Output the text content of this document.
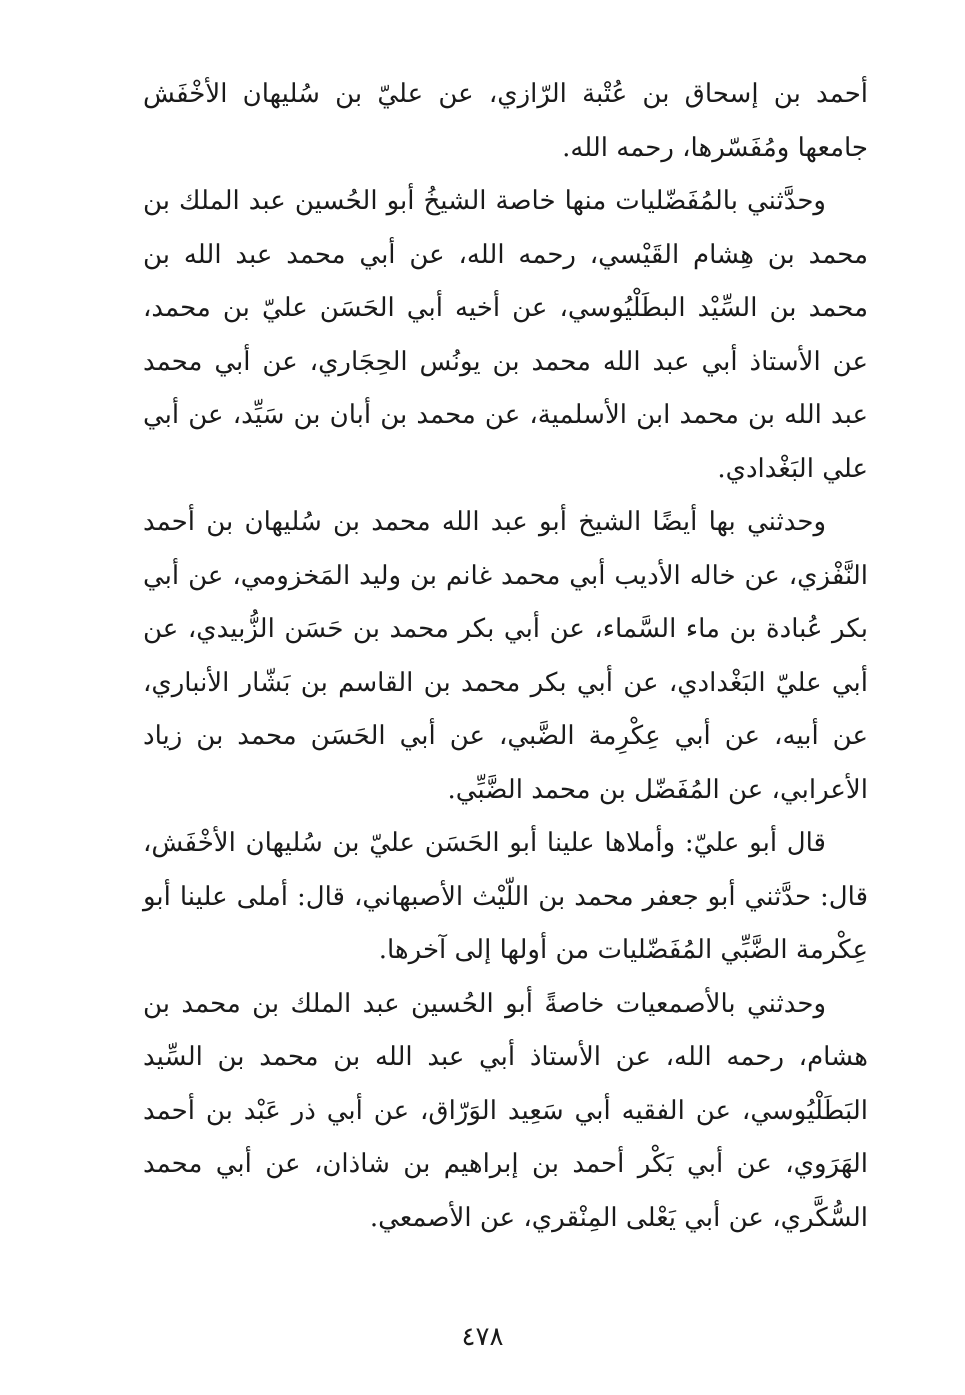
أحمد بن إسحاق بن عُتْبة الرّازي، عن عليّ بن سُليهان الأخْفَش جامعها ومُفَسّرها، رحمه الله.

وحدَّثني بالمُفَضّليات منها خاصة الشيخُ أبو الحُسين عبد الملك بن محمد بن هِشام القَيْسي، رحمه الله، عن أبي محمد عبد الله بن محمد بن السِّيْد البطَلْيُوسي، عن أخيه أبي الحَسَن عليّ بن محمد، عن الأستاذ أبي عبد الله محمد بن يونُس الحِجَاري، عن أبي محمد عبد الله بن محمد ابن الأسلمية، عن محمد بن أبان بن سَيِّد، عن أبي علي البَغْدادي.

وحدثني بها أيضًا الشيخ أبو عبد الله محمد بن سُليهان بن أحمد النَّفْزي، عن خاله الأديب أبي محمد غانم بن وليد المَخزومي، عن أبي بكر عُبادة بن ماء السَّماء، عن أبي بكر محمد بن حَسَن الزُّبيدي، عن أبي عليّ البَغْدادي، عن أبي بكر محمد بن القاسم بن بَشّار الأنباري، عن أبيه، عن أبي عِكْرِمة الضَّبي، عن أبي الحَسَن محمد بن زياد الأعرابي، عن المُفَضّل بن محمد الضَّبِّي.

قال أبو عليّ: وأملاها علينا أبو الحَسَن عليّ بن سُليهان الأخْفَش، قال: حدَّثني أبو جعفر محمد بن اللّيْث الأصبهاني، قال: أملى علينا أبو عِكْرمة الضَّبِّي المُفَضّليات من أولها إلى آخرها.

وحدثني بالأصمعيات خاصةً أبو الحُسين عبد الملك بن محمد بن هشام، رحمه الله، عن الأستاذ أبي عبد الله بن محمد بن السِّيد البَطَلْيُوسي، عن الفقيه أبي سَعِيد الوَرّاق، عن أبي ذر عَبْد بن أحمد الهَرَوي، عن أبي بَكْر أحمد بن إبراهيم بن شاذان، عن أبي محمد السُّكَّري، عن أبي يَعْلى المِنْقري، عن الأصمعي.

٤٧٨
